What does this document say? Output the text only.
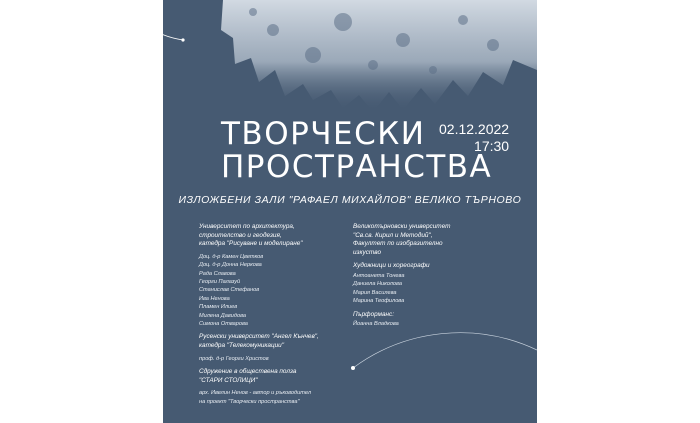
ТВОРЧЕСКИ
ПРОСТРАНСТВА
02.12.2022
17:30
ИЗЛОЖБЕНИ ЗАЛИ "РАФАЕЛ МИХАЙЛОВ" ВЕЛИКО ТЪРНОВО
Университет по архитектура,
строителство и геодезия,
катедра "Рисуване и моделиране"
Доц. д-р Камен Цветков
Доц. д-р Донна Неркова
Рада Славова
Георги Палазуй
Станислав Стефанов
Ива Ненова
Пламен Илиев
Милена Давидова
Симона Отварова
Русенски университет "Ангел Кънчев",
катедра "Телекомуникации"
проф. д-р Георги Христов
Сдружение в обществена полза
"СТАРИ СТОЛИЦИ"
арх. Ивелин Ненов - автор и ръководител
на проект "Творчески пространства"
Великотърновски университет
"Св.св. Кирил и Методий",
Факултет по изобразително
изкуство
Художници и хореографи
Антоанета Тонева
Даниела Николова
Мария Василева
Марина Теофилова
Пърформанс:
Йоанна Владкова
